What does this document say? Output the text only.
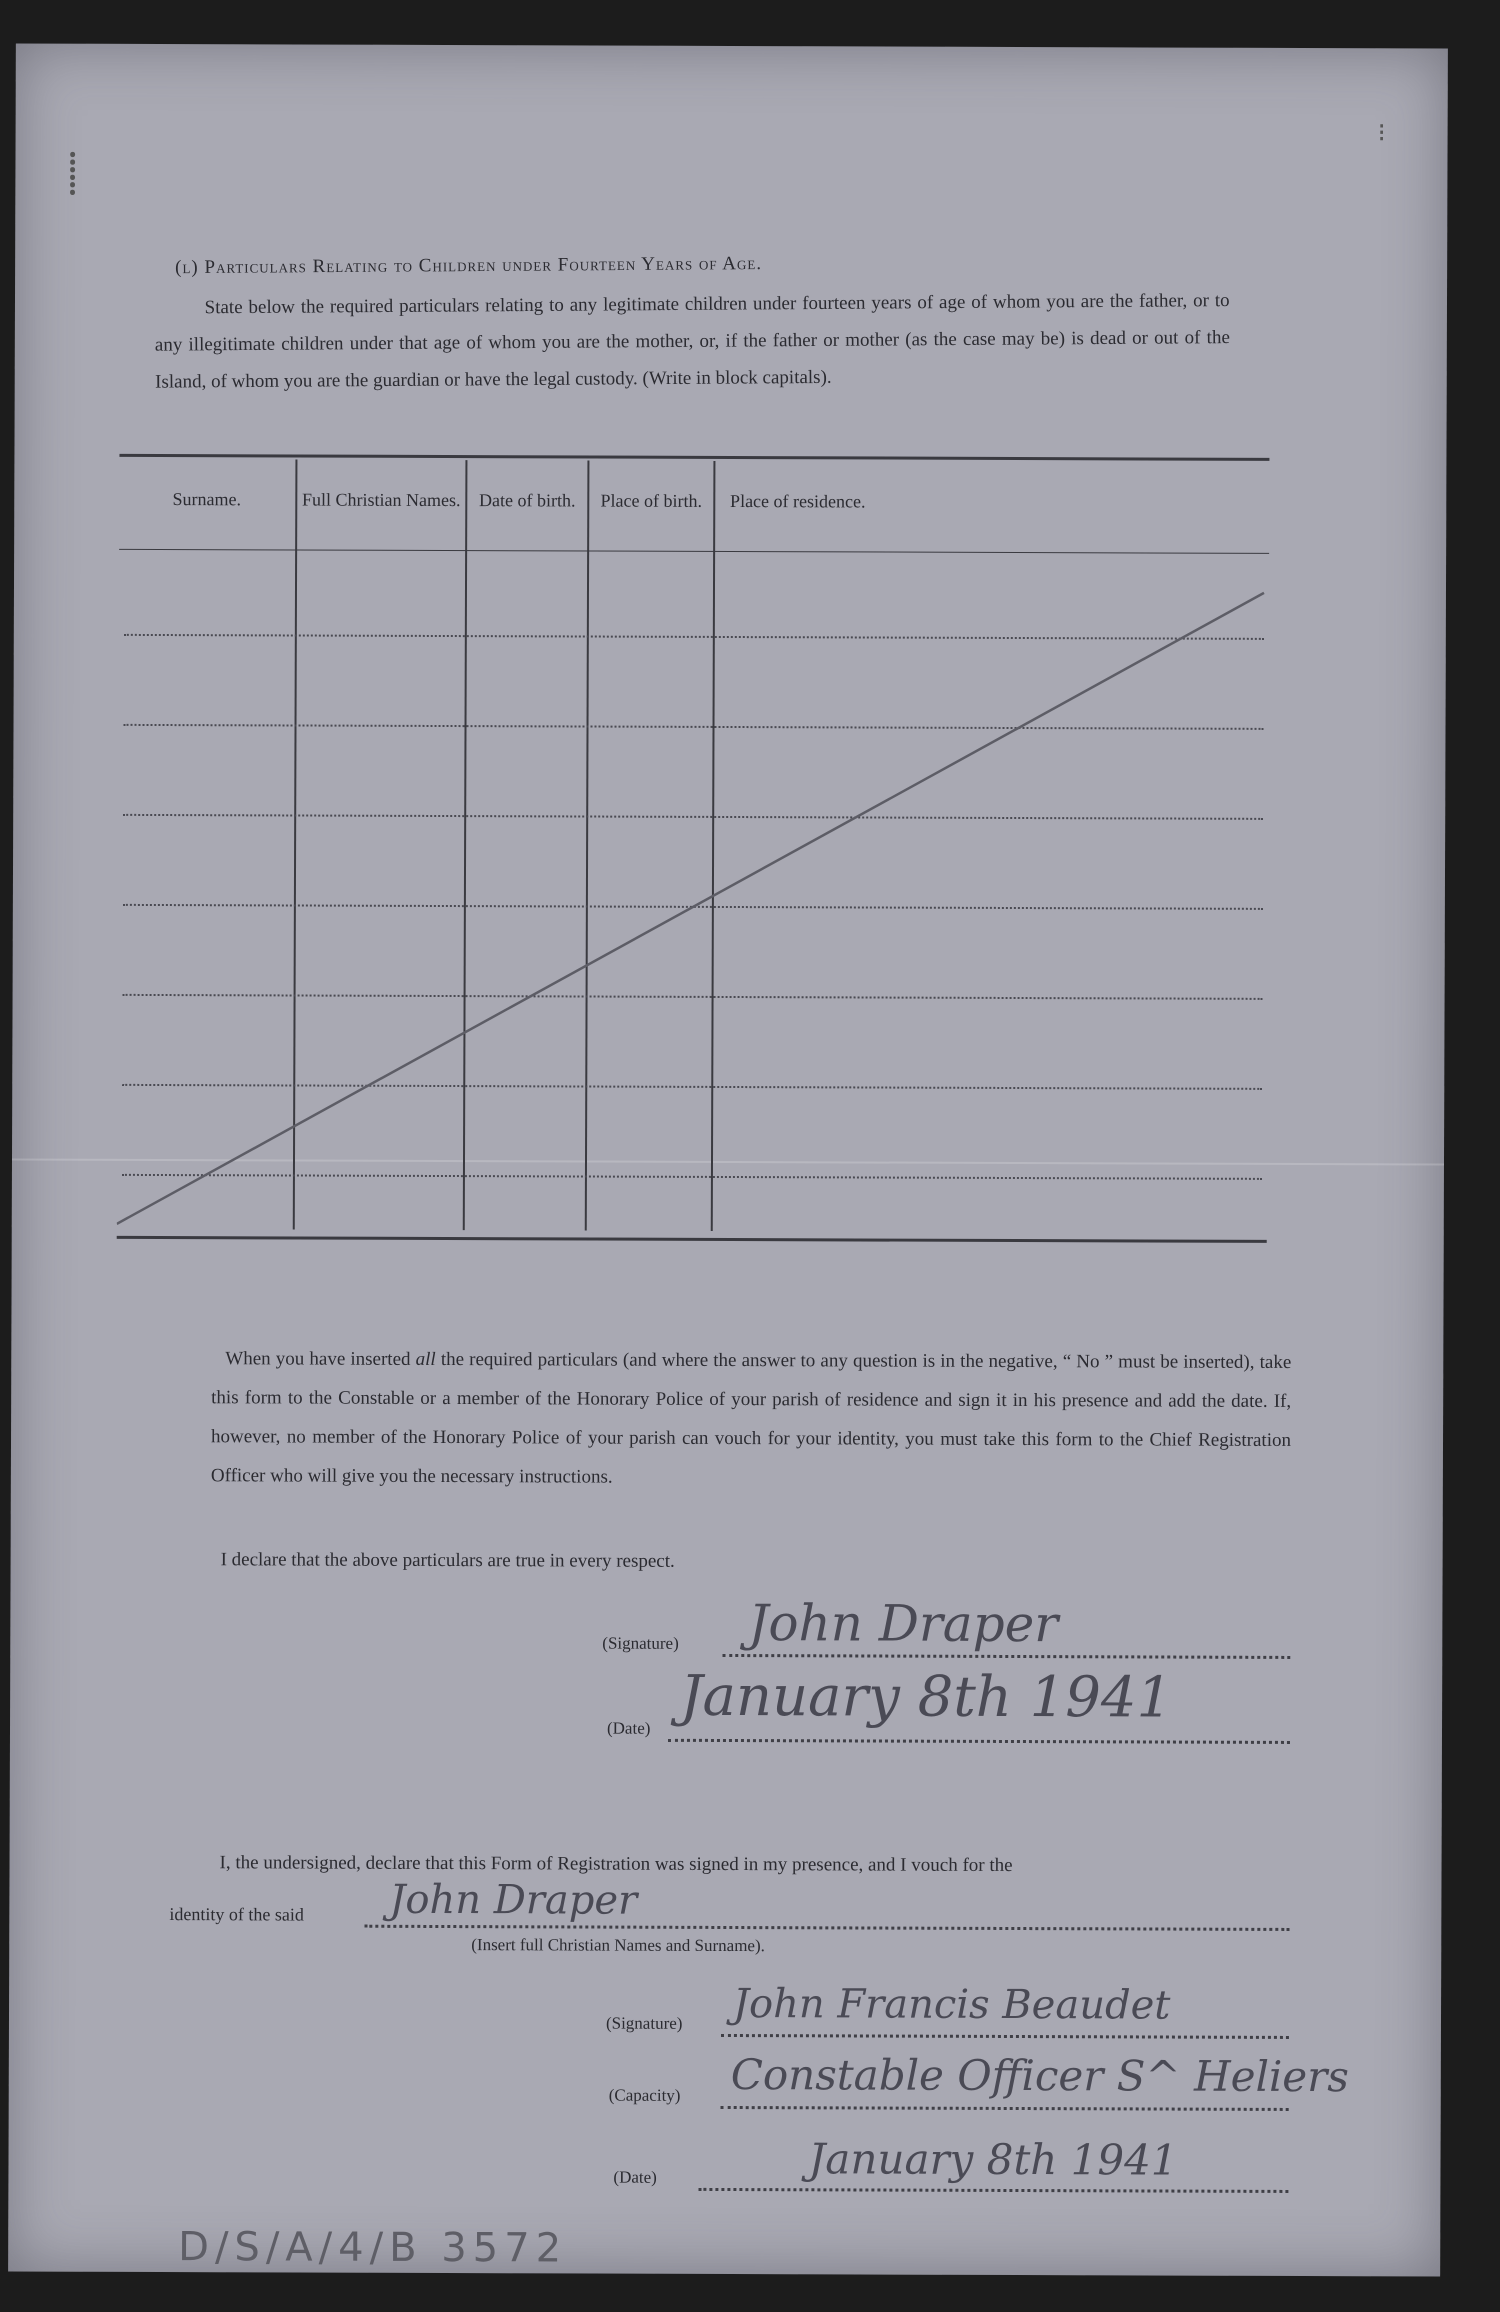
(l) Particulars Relating to Children under Fourteen Years of Age.
State below the required particulars relating to any legitimate children under fourteen years of age of whom you are the father, or to any illegitimate children under that age of whom you are the mother, or, if the father or mother (as the case may be) is dead or out of the Island, of whom you are the guardian or have the legal custody. (Write in block capitals).
Surname.	Full Christian Names.	Date of birth.	Place of birth.	Place of residence.
When you have inserted all the required particulars (and where the answer to any question is in the negative, “ No ” must be inserted), take this form to the Constable or a member of the Honorary Police of your parish of residence and sign it in his presence and add the date. If, however, no member of the Honorary Police of your parish can vouch for your identity, you must take this form to the Chief Registration Officer who will give you the necessary instructions.
I declare that the above particulars are true in every respect.
(Signature) John Draper
(Date) January 8th 1941
I, the undersigned, declare that this Form of Registration was signed in my presence, and I vouch for the
identity of the said John Draper
(Insert full Christian Names and Surname).
(Signature) John Francis Beaudet
(Capacity) Constable Officer S^ Heliers
(Date)	January 8th 1941
D/S/A/4/B 3572
⁝
⸽
